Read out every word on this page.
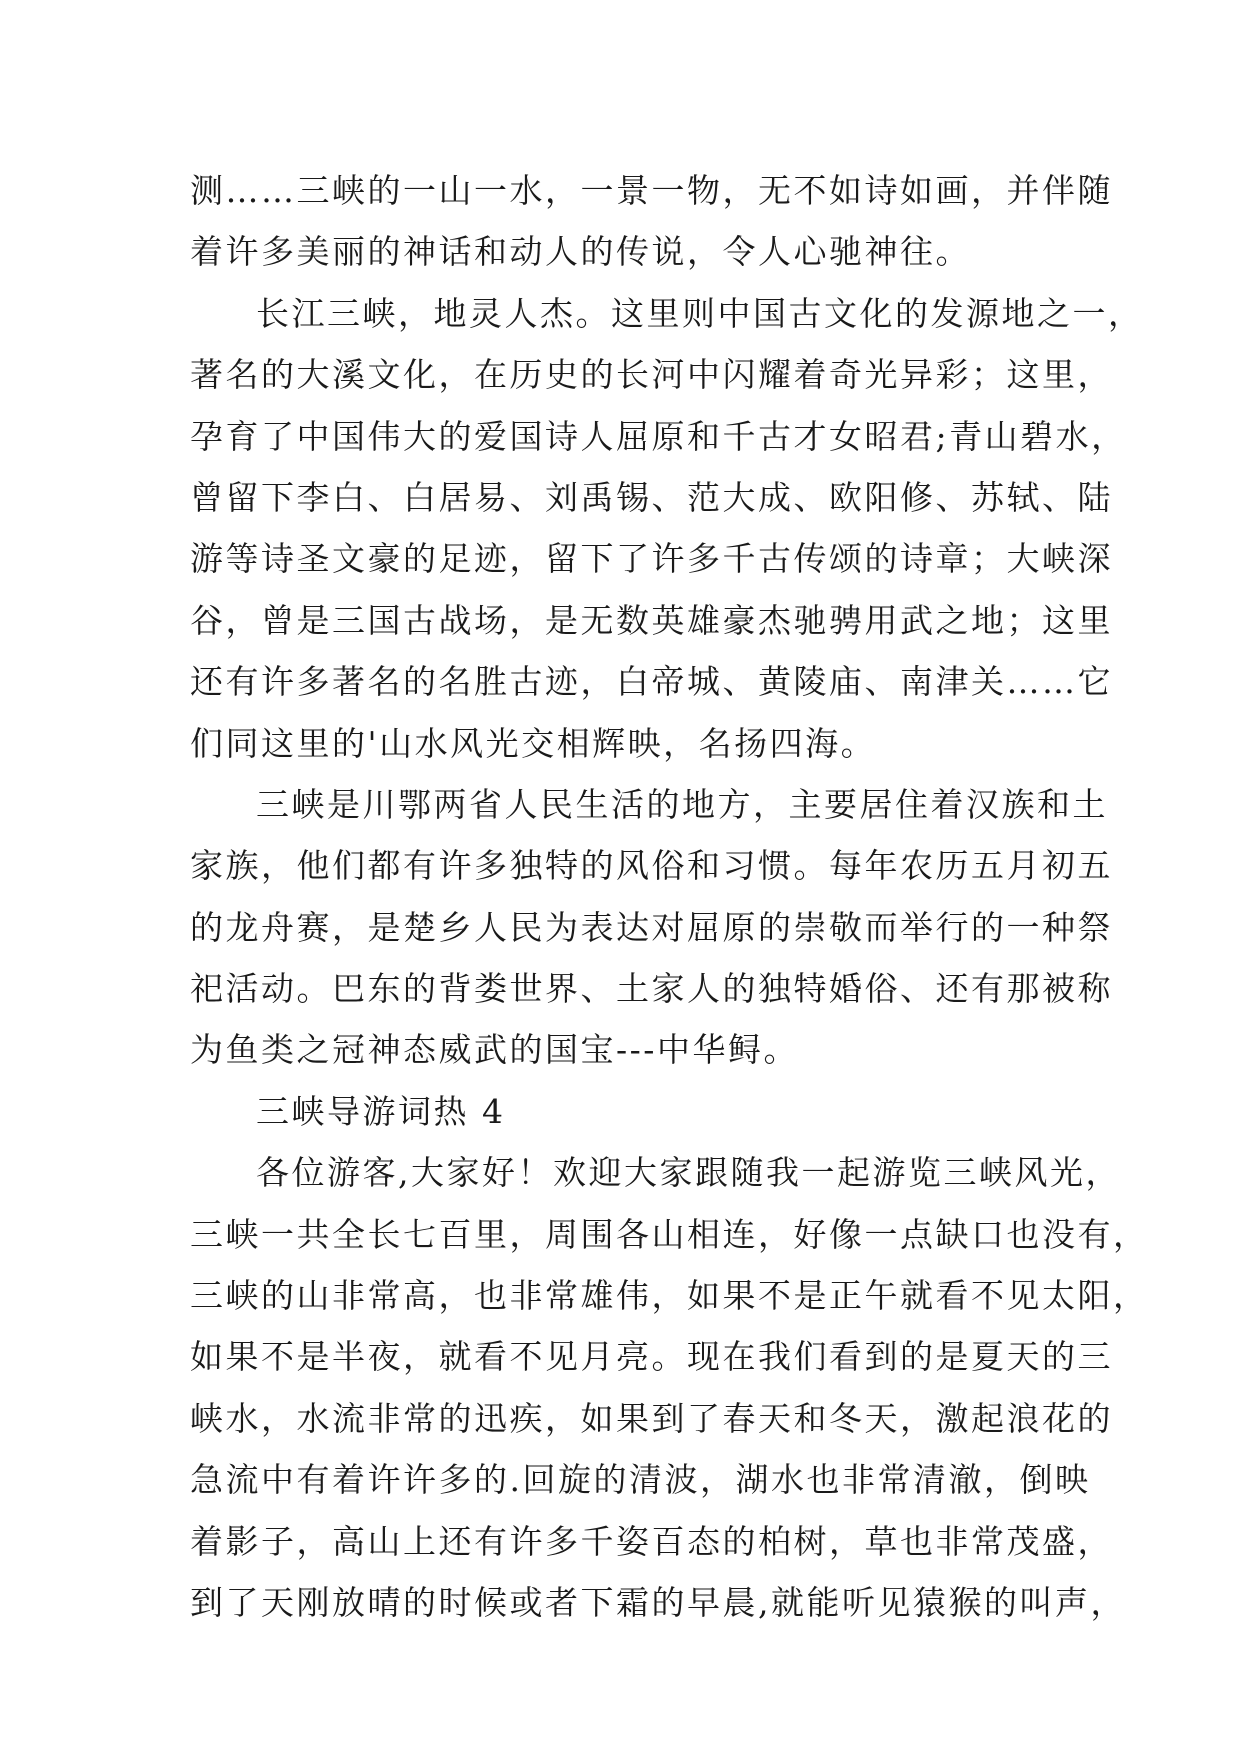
测……三峡的一山一水，一景一物，无不如诗如画，并伴随
着许多美丽的神话和动人的传说，令人心驰神往。
长江三峡，地灵人杰。这里则中国古文化的发源地之一，
著名的大溪文化，在历史的长河中闪耀着奇光异彩；这里，
孕育了中国伟大的爱国诗人屈原和千古才女昭君;青山碧水，
曾留下李白、白居易、刘禹锡、范大成、欧阳修、苏轼、陆
游等诗圣文豪的足迹，留下了许多千古传颂的诗章；大峡深
谷，曾是三国古战场，是无数英雄豪杰驰骋用武之地；这里
还有许多著名的名胜古迹，白帝城、黄陵庙、南津关……它
们同这里的'山水风光交相辉映，名扬四海。
三峡是川鄂两省人民生活的地方，主要居住着汉族和土
家族，他们都有许多独特的风俗和习惯。每年农历五月初五
的龙舟赛，是楚乡人民为表达对屈原的崇敬而举行的一种祭
祀活动。巴东的背娄世界、土家人的独特婚俗、还有那被称
为鱼类之冠神态威武的国宝---中华鲟。
三峡导游词热 4
各位游客,大家好！欢迎大家跟随我一起游览三峡风光，
三峡一共全长七百里，周围各山相连，好像一点缺口也没有，
三峡的山非常高，也非常雄伟，如果不是正午就看不见太阳，
如果不是半夜，就看不见月亮。现在我们看到的是夏天的三
峡水，水流非常的迅疾，如果到了春天和冬天，激起浪花的
急流中有着许许多的.回旋的清波，湖水也非常清澈，倒映
着影子，高山上还有许多千姿百态的柏树，草也非常茂盛，
到了天刚放晴的时候或者下霜的早晨,就能听见猿猴的叫声，
